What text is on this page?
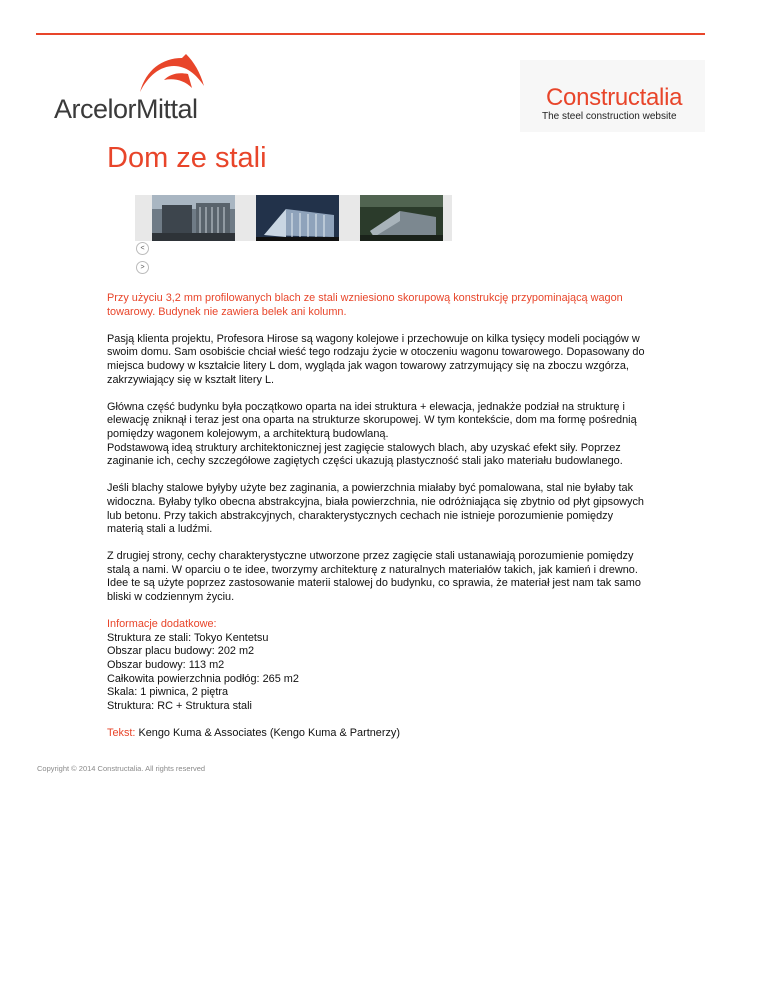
ArcelorMittal	Constructalia
The steel construction website
Dom ze stali
<
>

Przy użyciu 3,2 mm profilowanych blach ze stali wzniesiono skorupową konstrukcję przypominającą wagon towarowy. Budynek nie zawiera belek ani kolumn.

Pasją klienta projektu, Profesora Hirose są wagony kolejowe i przechowuje on kilka tysięcy modeli pociągów w swoim domu. Sam osobiście chciał wieść tego rodzaju życie w otoczeniu wagonu towarowego. Dopasowany do miejsca budowy w kształcie litery L dom, wygląda jak wagon towarowy zatrzymujący się na zboczu wzgórza, zakrzywiający się w kształt litery L.

Główna część budynku była początkowo oparta na idei struktura + elewacja, jednakże podział na strukturę i elewację zniknął i teraz jest ona oparta na strukturze skorupowej. W tym kontekście, dom ma formę pośrednią pomiędzy wagonem kolejowym, a architekturą budowlaną.
Podstawową ideą struktury architektonicznej jest zagięcie stalowych blach, aby uzyskać efekt siły. Poprzez zaginanie ich, cechy szczegółowe zagiętych części ukazują plastyczność stali jako materiału budowlanego.

Jeśli blachy stalowe byłyby użyte bez zaginania, a powierzchnia miałaby być pomalowana, stal nie byłaby tak widoczna. Byłaby tylko obecna abstrakcyjna, biała powierzchnia, nie odróżniająca się zbytnio od płyt gipsowych lub betonu. Przy takich abstrakcyjnych, charakterystycznych cechach nie istnieje porozumienie pomiędzy materią stali a ludźmi.

Z drugiej strony, cechy charakterystyczne utworzone przez zagięcie stali ustanawiają porozumienie pomiędzy stalą a nami. W oparciu o te idee, tworzymy architekturę z naturalnych materiałów takich, jak kamień i drewno. Idee te są użyte poprzez zastosowanie materii stalowej do budynku, co sprawia, że materiał jest nam tak samo bliski w codziennym życiu.

Informacje dodatkowe:

Struktura ze stali: Tokyo Kentetsu

Obszar placu budowy: 202 m2

Obszar budowy: 113 m2

Całkowita powierzchnia podłóg: 265 m2

Skala: 1 piwnica, 2 piętra

Struktura: RC + Struktura stali

Tekst: Kengo Kuma & Associates (Kengo Kuma & Partnerzy)

Copyright © 2014 Constructalia. All rights reserved
